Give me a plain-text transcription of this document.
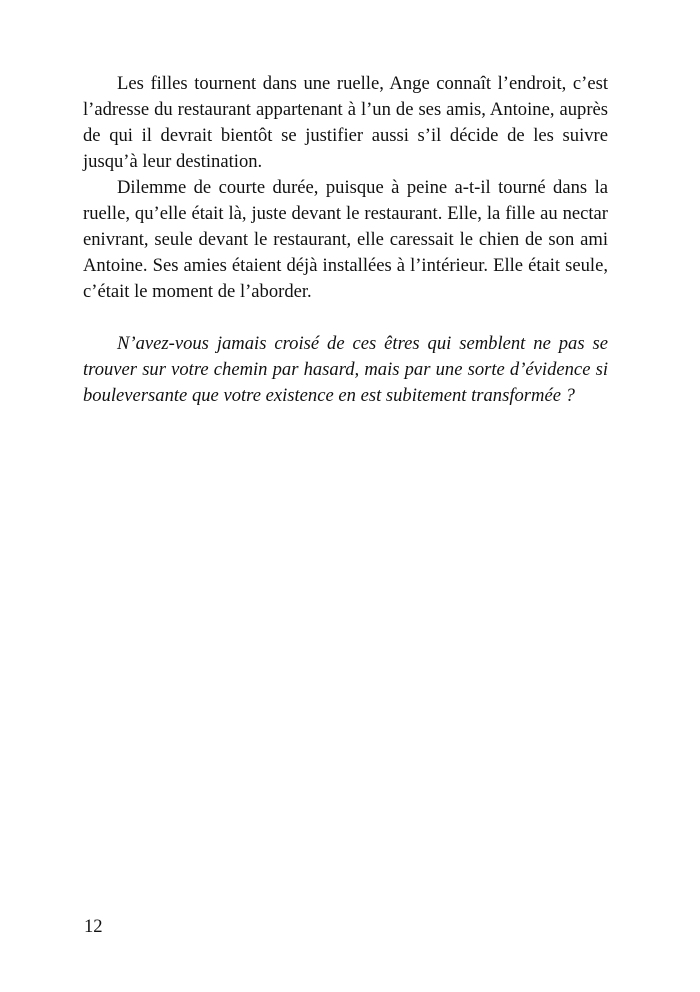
Les filles tournent dans une ruelle, Ange connaît l’endroit, c’est l’adresse du restaurant appartenant à l’un de ses amis, Antoine, auprès de qui il devrait bientôt se justifier aussi s’il décide de les suivre jusqu’à leur destination.

Dilemme de courte durée, puisque à peine a-t-il tourné dans la ruelle, qu’elle était là, juste devant le restaurant. Elle, la fille au nectar enivrant, seule devant le restaurant, elle caressait le chien de son ami Antoine. Ses amies étaient déjà installées à l’intérieur. Elle était seule, c’était le moment de l’aborder.

N’avez-vous jamais croisé de ces êtres qui semblent ne pas se trouver sur votre chemin par hasard, mais par une sorte d’évidence si bouleversante que votre existence en est subitement transformée ?

12
